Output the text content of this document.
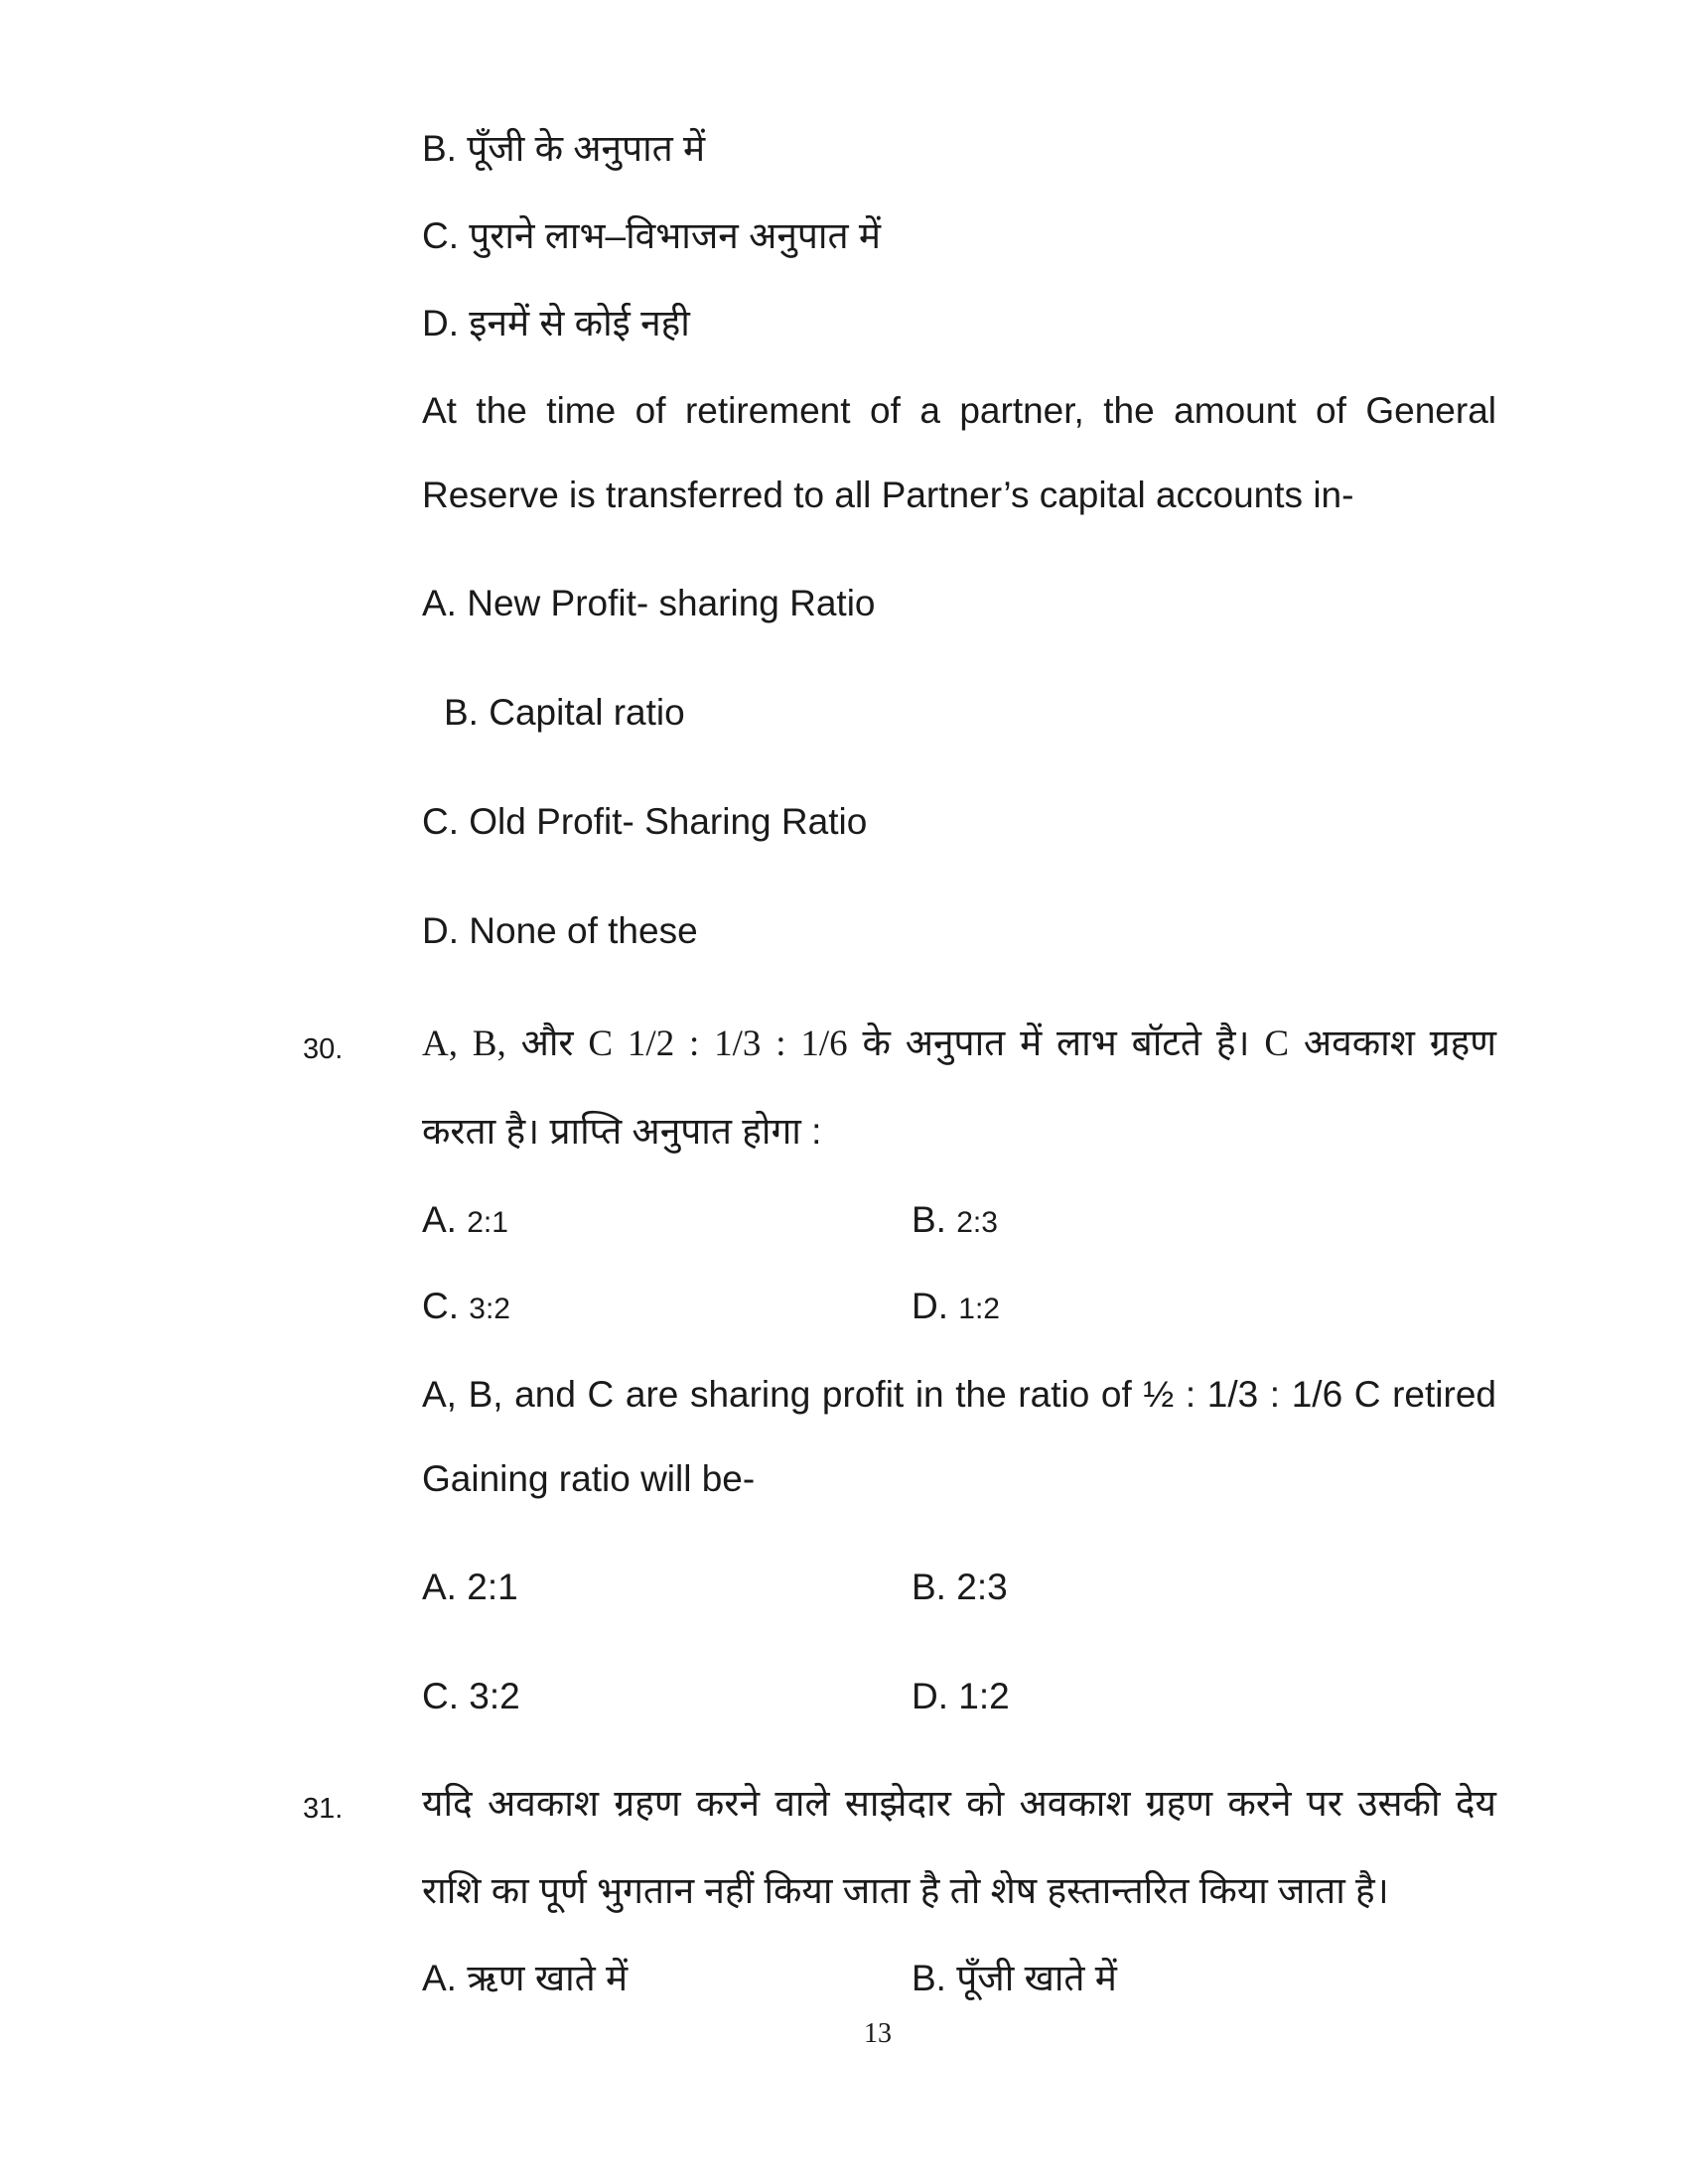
B. पूँजी के अनुपात में
C. पुराने लाभ–विभाजन अनुपात में
D. इनमें से कोई नही
At the time of retirement of a partner, the amount of General
Reserve is transferred to all Partner’s capital accounts in-
A. New Profit- sharing Ratio
B. Capital ratio
C. Old Profit- Sharing Ratio
D. None of these
30. A, B, और C 1/2 : 1/3 : 1/6 के अनुपात में लाभ बॉटते है। C अवकाश ग्रहण
करता है। प्राप्ति अनुपात होगा :
A. 2:1	B. 2:3
C. 3:2	D. 1:2
A, B, and C are sharing profit in the ratio of ½ : 1/3 : 1/6 C retired
Gaining ratio will be-
A. 2:1	B. 2:3
C. 3:2	D. 1:2
31. यदि अवकाश ग्रहण करने वाले साझेदार को अवकाश ग्रहण करने पर उसकी देय
राशि का पूर्ण भुगतान नहीं किया जाता है तो शेष हस्तान्तरित किया जाता है।
A. ऋण खाते में	B. पूँजी खाते में
13
